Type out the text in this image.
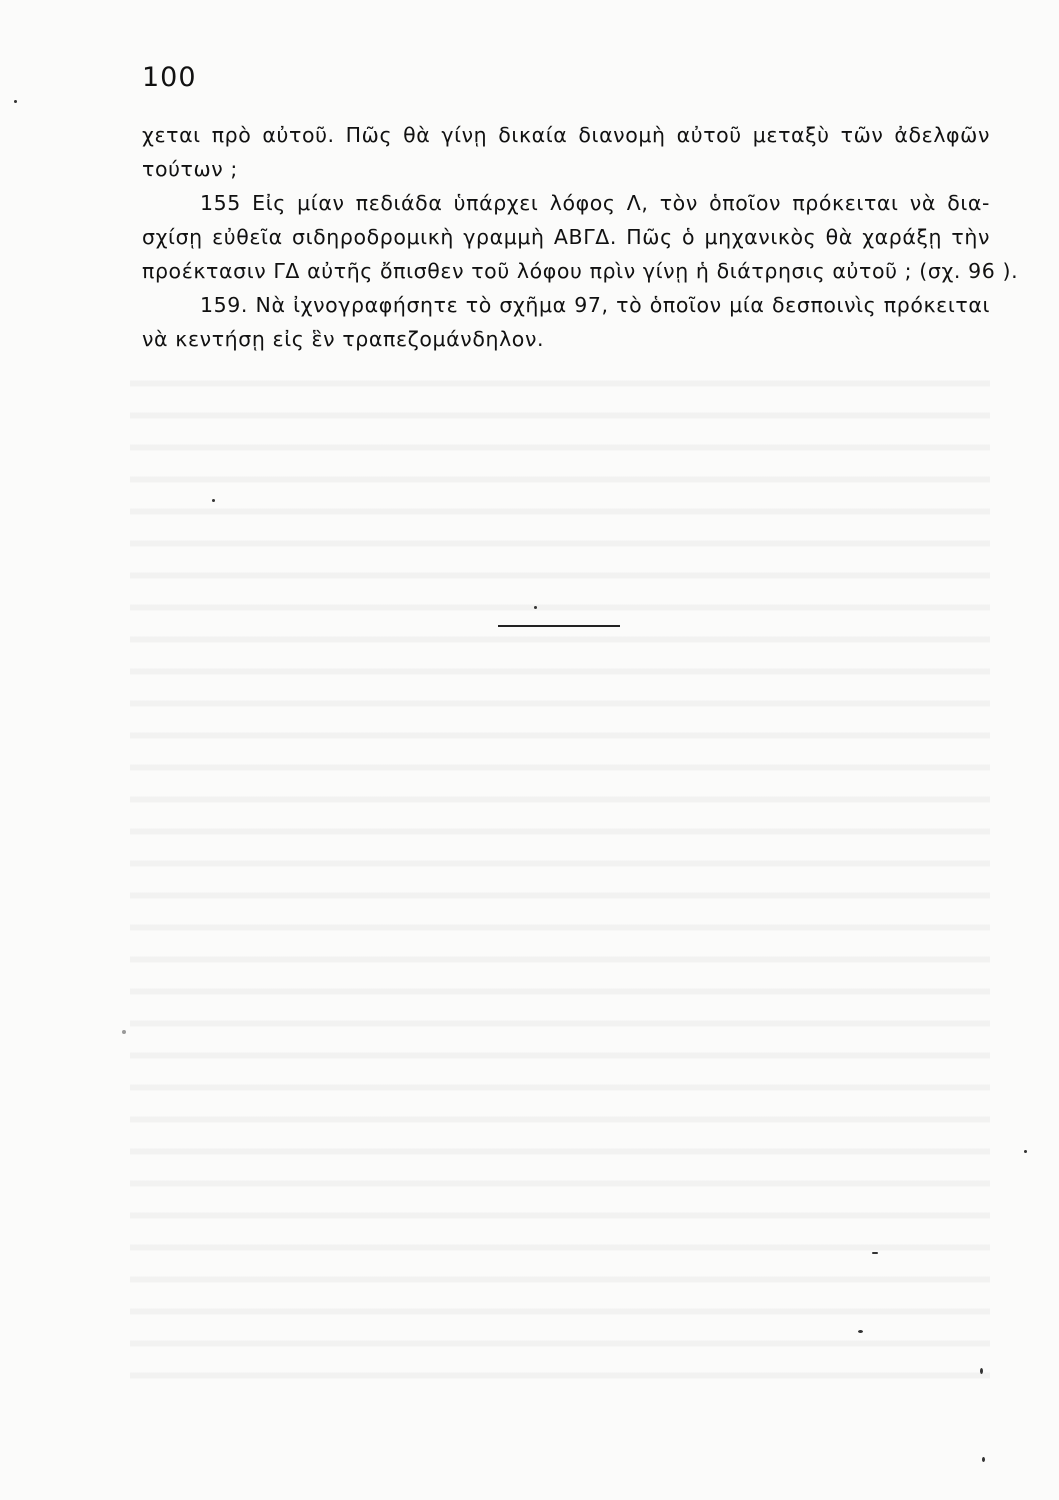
100
χεται πρὸ αὐτοῦ. Πῶς θὰ γίνῃ δικαία διανομὴ αὐτοῦ μεταξὺ τῶν ἀδελφῶν
τούτων ;
155 Εἰς μίαν πεδιάδα ὑπάρχει λόφος Λ, τὸν ὁποῖον πρόκειται νὰ δια-
σχίσῃ εὐθεῖα σιδηροδρομικὴ γραμμὴ ΑΒΓΔ. Πῶς ὁ μηχανικὸς θὰ χαράξῃ τὴν
προέκτασιν ΓΔ αὐτῆς ὄπισθεν τοῦ λόφου πρὶν γίνῃ ἡ διάτρησις αὐτοῦ ; (σχ. 96 ).
159. Νὰ ἰχνογραφήσητε τὸ σχῆμα 97, τὸ ὁποῖον μία δεσποινὶς πρόκειται
νὰ κεντήσῃ εἰς ἓν τραπεζομάνδηλον.
